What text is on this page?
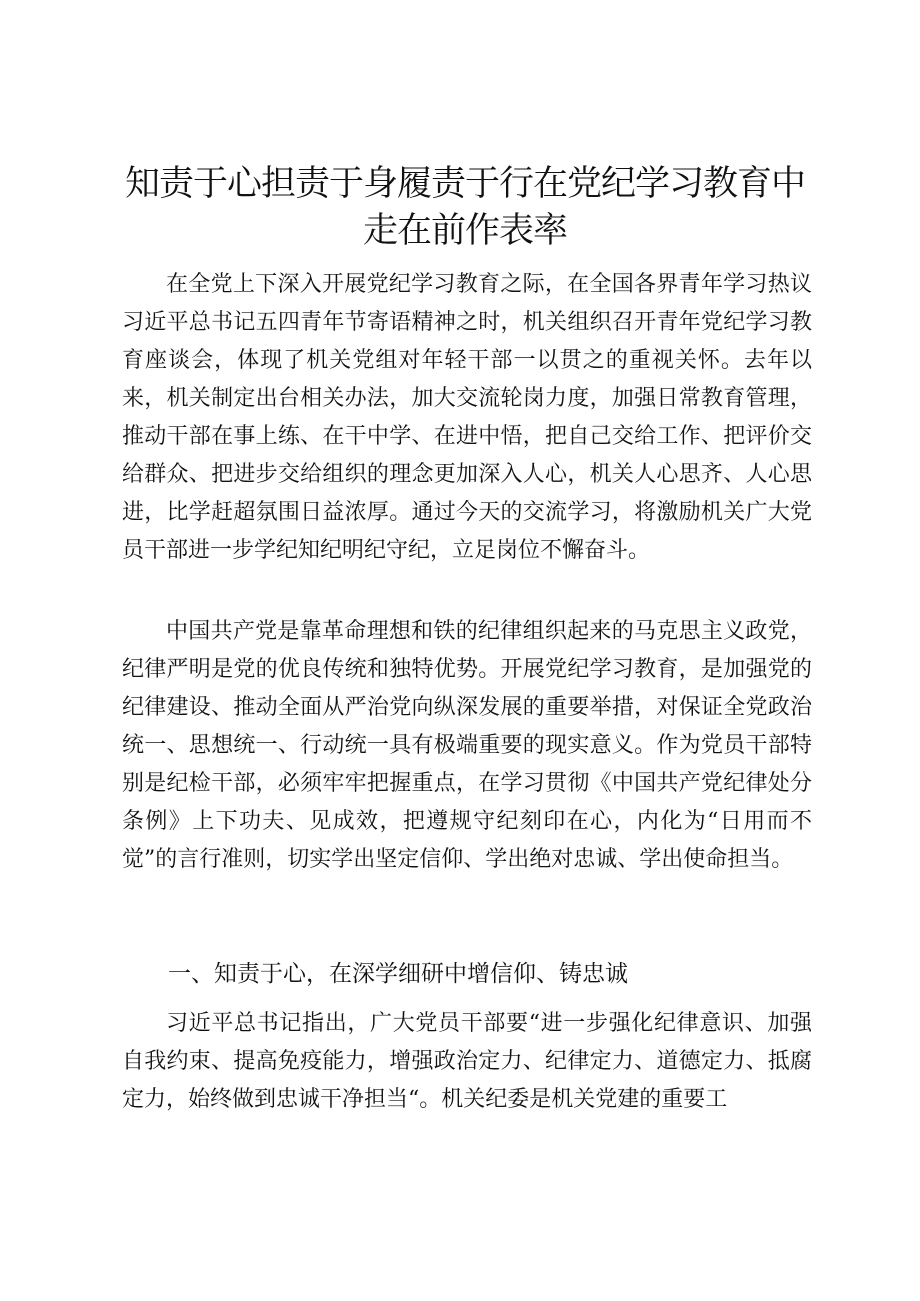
知责于心担责于身履责于行在党纪学习教育中
走在前作表率

在全党上下深入开展党纪学习教育之际，在全国各界青年学习热议习近平总书记五四青年节寄语精神之时，机关组织召开青年党纪学习教育座谈会，体现了机关党组对年轻干部一以贯之的重视关怀。去年以来，机关制定出台相关办法，加大交流轮岗力度，加强日常教育管理，推动干部在事上练、在干中学、在进中悟，把自己交给工作、把评价交给群众、把进步交给组织的理念更加深入人心，机关人心思齐、人心思进，比学赶超氛围日益浓厚。通过今天的交流学习，将激励机关广大党员干部进一步学纪知纪明纪守纪，立足岗位不懈奋斗。

中国共产党是靠革命理想和铁的纪律组织起来的马克思主义政党，纪律严明是党的优良传统和独特优势。开展党纪学习教育，是加强党的纪律建设、推动全面从严治党向纵深发展的重要举措，对保证全党政治统一、思想统一、行动统一具有极端重要的现实意义。作为党员干部特别是纪检干部，必须牢牢把握重点，在学习贯彻《中国共产党纪律处分条例》上下功夫、见成效，把遵规守纪刻印在心，内化为“日用而不觉”的言行准则，切实学出坚定信仰、学出绝对忠诚、学出使命担当。

一、知责于心，在深学细研中增信仰、铸忠诚

习近平总书记指出，广大党员干部要“进一步强化纪律意识、加强自我约束、提高免疫能力，增强政治定力、纪律定力、道德定力、抵腐定力，始终做到忠诚干净担当“。机关纪委是机关党建的重要工
